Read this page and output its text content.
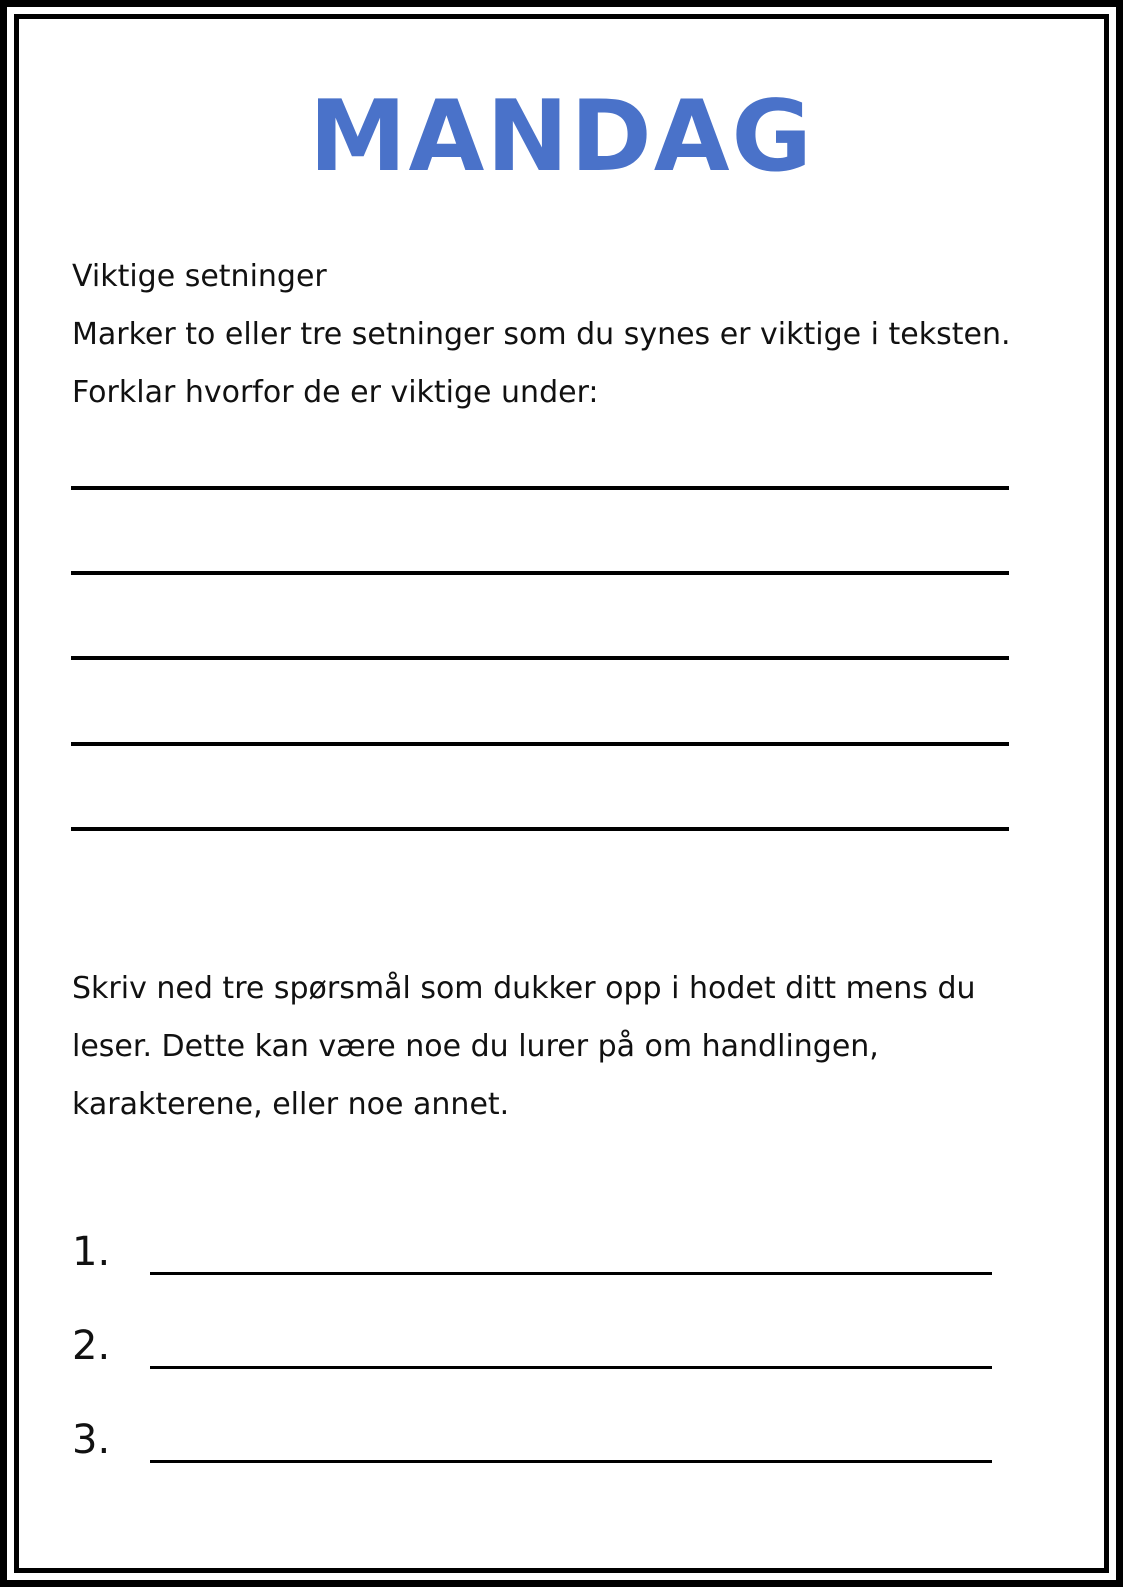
MANDAG
Viktige setninger

Marker to eller tre setninger som du synes er viktige i teksten. Forklar hvorfor de er viktige under:

Skriv ned tre spørsmål som dukker opp i hodet ditt mens du leser. Dette kan være noe du lurer på om handlingen, karakterene, eller noe annet.

1.
2.
3.
